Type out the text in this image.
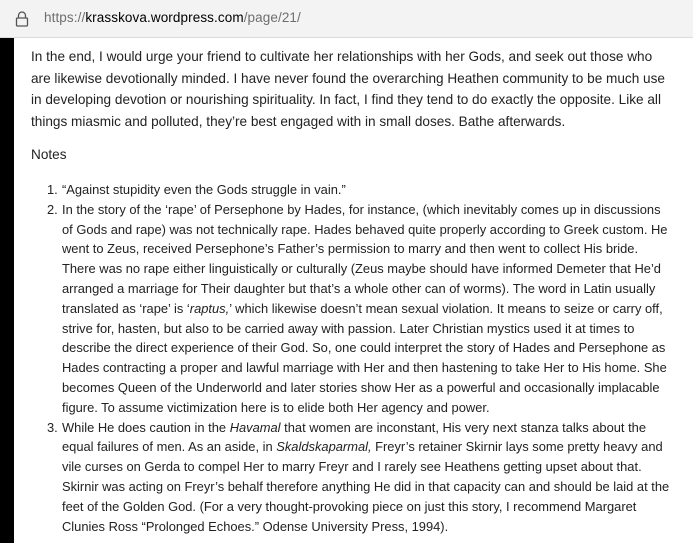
https://krasskova.wordpress.com/page/21/

In the end, I would urge your friend to cultivate her relationships with her Gods, and seek out those who are likewise devotionally minded. I have never found the overarching Heathen community to be much use in developing devotion or nourishing spirituality. In fact, I find they tend to do exactly the opposite. Like all things miasmic and polluted, they’re best engaged with in small doses. Bathe afterwards.

Notes

1. “Against stupidity even the Gods struggle in vain.”
2. In the story of the ‘rape’ of Persephone by Hades, for instance, (which inevitably comes up in discussions of Gods and rape) was not technically rape. Hades behaved quite properly according to Greek custom. He went to Zeus, received Persephone’s Father’s permission to marry and then went to collect His bride. There was no rape either linguistically or culturally (Zeus maybe should have informed Demeter that He’d arranged a marriage for Their daughter but that’s a whole other can of worms). The word in Latin usually translated as ‘rape’ is ‘raptus,’ which likewise doesn’t mean sexual violation. It means to seize or carry off, strive for, hasten, but also to be carried away with passion. Later Christian mystics used it at times to describe the direct experience of their God. So, one could interpret the story of Hades and Persephone as Hades contracting a proper and lawful marriage with Her and then hastening to take Her to His home. She becomes Queen of the Underworld and later stories show Her as a powerful and occasionally implacable figure. To assume victimization here is to elide both Her agency and power.
3. While He does caution in the Havamal that women are inconstant, His very next stanza talks about the equal failures of men. As an aside, in Skaldskaparmal, Freyr’s retainer Skirnir lays some pretty heavy and vile curses on Gerda to compel Her to marry Freyr and I rarely see Heathens getting upset about that. Skirnir was acting on Freyr’s behalf therefore anything He did in that capacity can and should be laid at the feet of the Golden God. (For a very thought-provoking piece on just this story, I recommend Margaret Clunies Ross “Prolonged Echoes.” Odense University Press, 1994).
